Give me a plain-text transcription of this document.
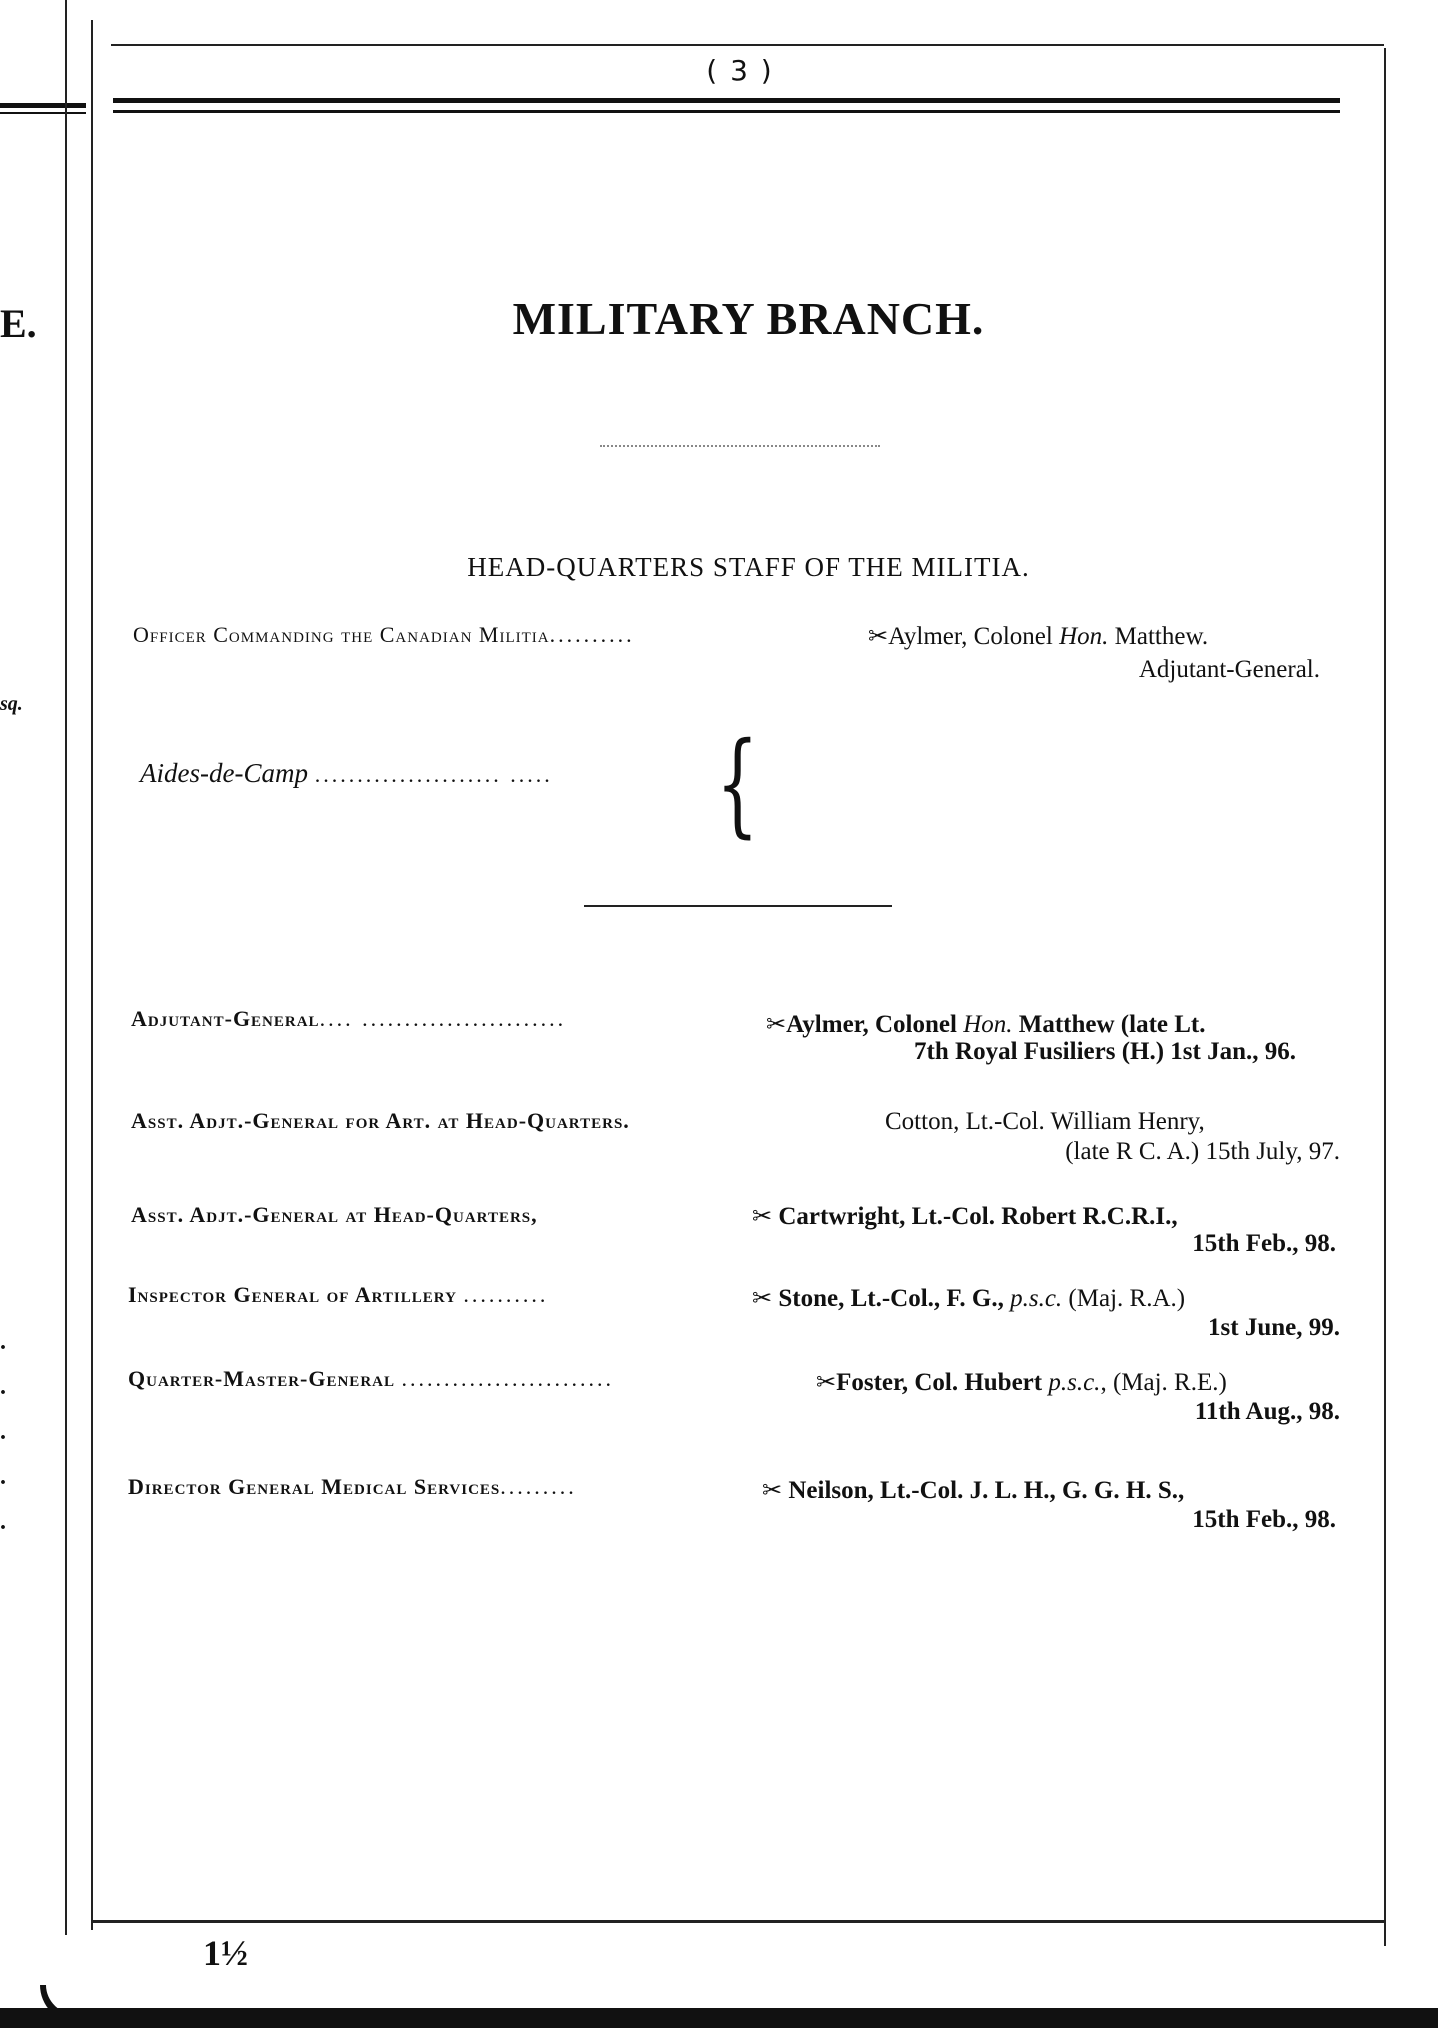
E.
sq.
.
.
.
.
.
( 3 )
MILITARY BRANCH.
HEAD-QUARTERS STAFF OF THE MILITIA.
Officer Commanding the Canadian Militia..........	✂Aylmer, Colonel Hon. Matthew.
Adjutant-General.
Aides-de-Camp ...................... ..... {
Adjutant-General.... ........................	✂Aylmer, Colonel Hon. Matthew (late Lt.
7th Royal Fusiliers (H.) 1st Jan., 96.
Asst. Adjt.-General for Art. at Head-Quarters.	Cotton, Lt.-Col. William Henry,
(late R C. A.) 15th July, 97.
Asst. Adjt.-General at Head-Quarters,	✂ Cartwright, Lt.-Col. Robert R.C.R.I.,
15th Feb., 98.
Inspector General of Artillery ..........	✂ Stone, Lt.-Col., F. G., p.s.c. (Maj. R.A.)
1st June, 99.
Quarter-Master-General .........................	✂Foster, Col. Hubert p.s.c., (Maj. R.E.)
11th Aug., 98.
Director General Medical Services.........	✂ Neilson, Lt.-Col. J. L. H., G. G. H. S.,
15th Feb., 98.
1½
